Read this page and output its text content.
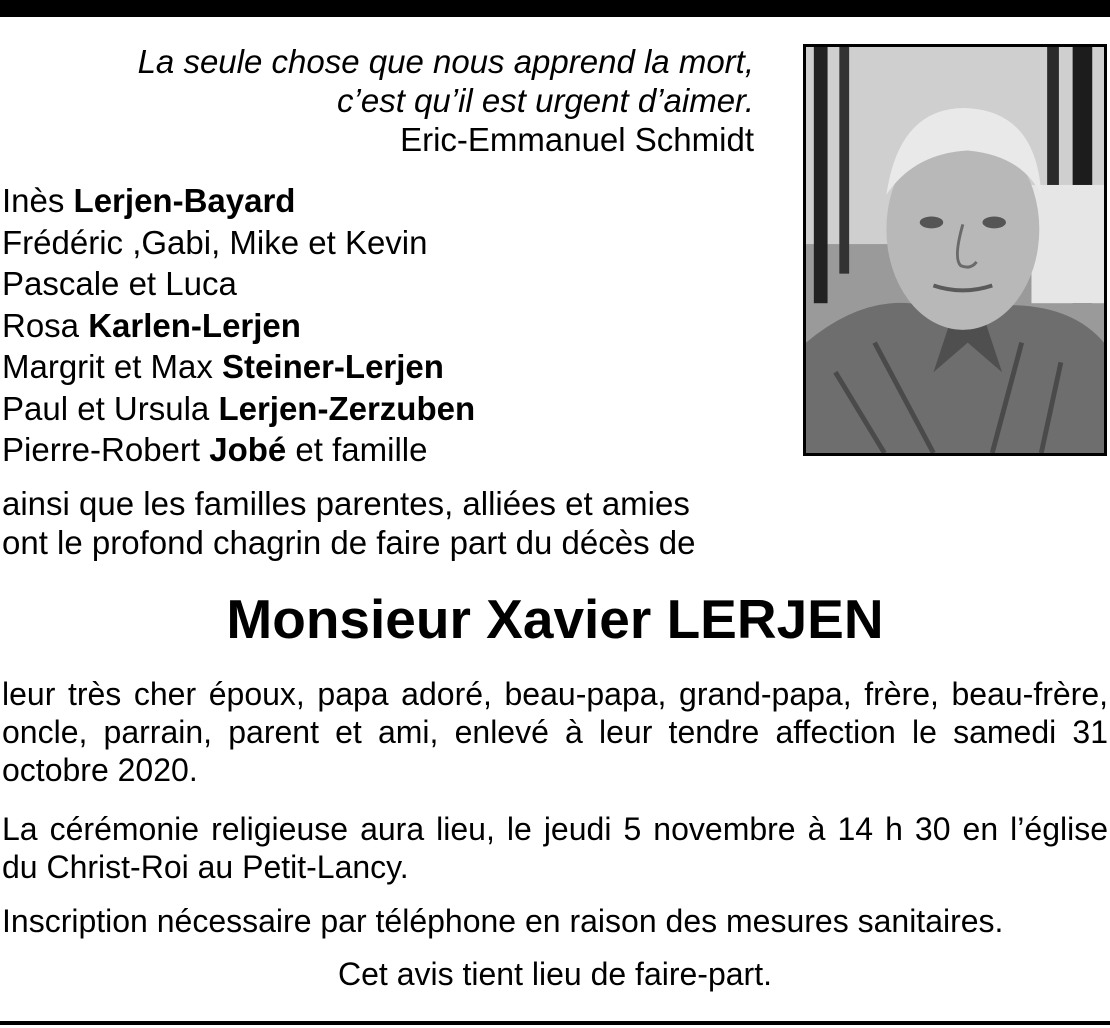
La seule chose que nous apprend la mort,
c’est qu’il est urgent d’aimer.
Eric-Emmanuel Schmidt
Inès Lerjen-Bayard
Frédéric ,Gabi, Mike et Kevin
Pascale et Luca
Rosa Karlen-Lerjen
Margrit et Max Steiner-Lerjen
Paul et Ursula Lerjen-Zerzuben
Pierre-Robert Jobé et famille
ainsi que les familles parentes, alliées et amies
ont le profond chagrin de faire part du décès de
Monsieur Xavier LERJEN
leur très cher époux, papa adoré, beau-papa, grand-papa, frère, beau-frère, oncle, parrain, parent et ami, enlevé à leur tendre affection le samedi 31 octobre 2020.
La cérémonie religieuse aura lieu, le jeudi 5 novembre à 14 h 30 en l’église du Christ-Roi au Petit-Lancy.
Inscription nécessaire par téléphone en raison des mesures sanitaires.
Cet avis tient lieu de faire-part.
